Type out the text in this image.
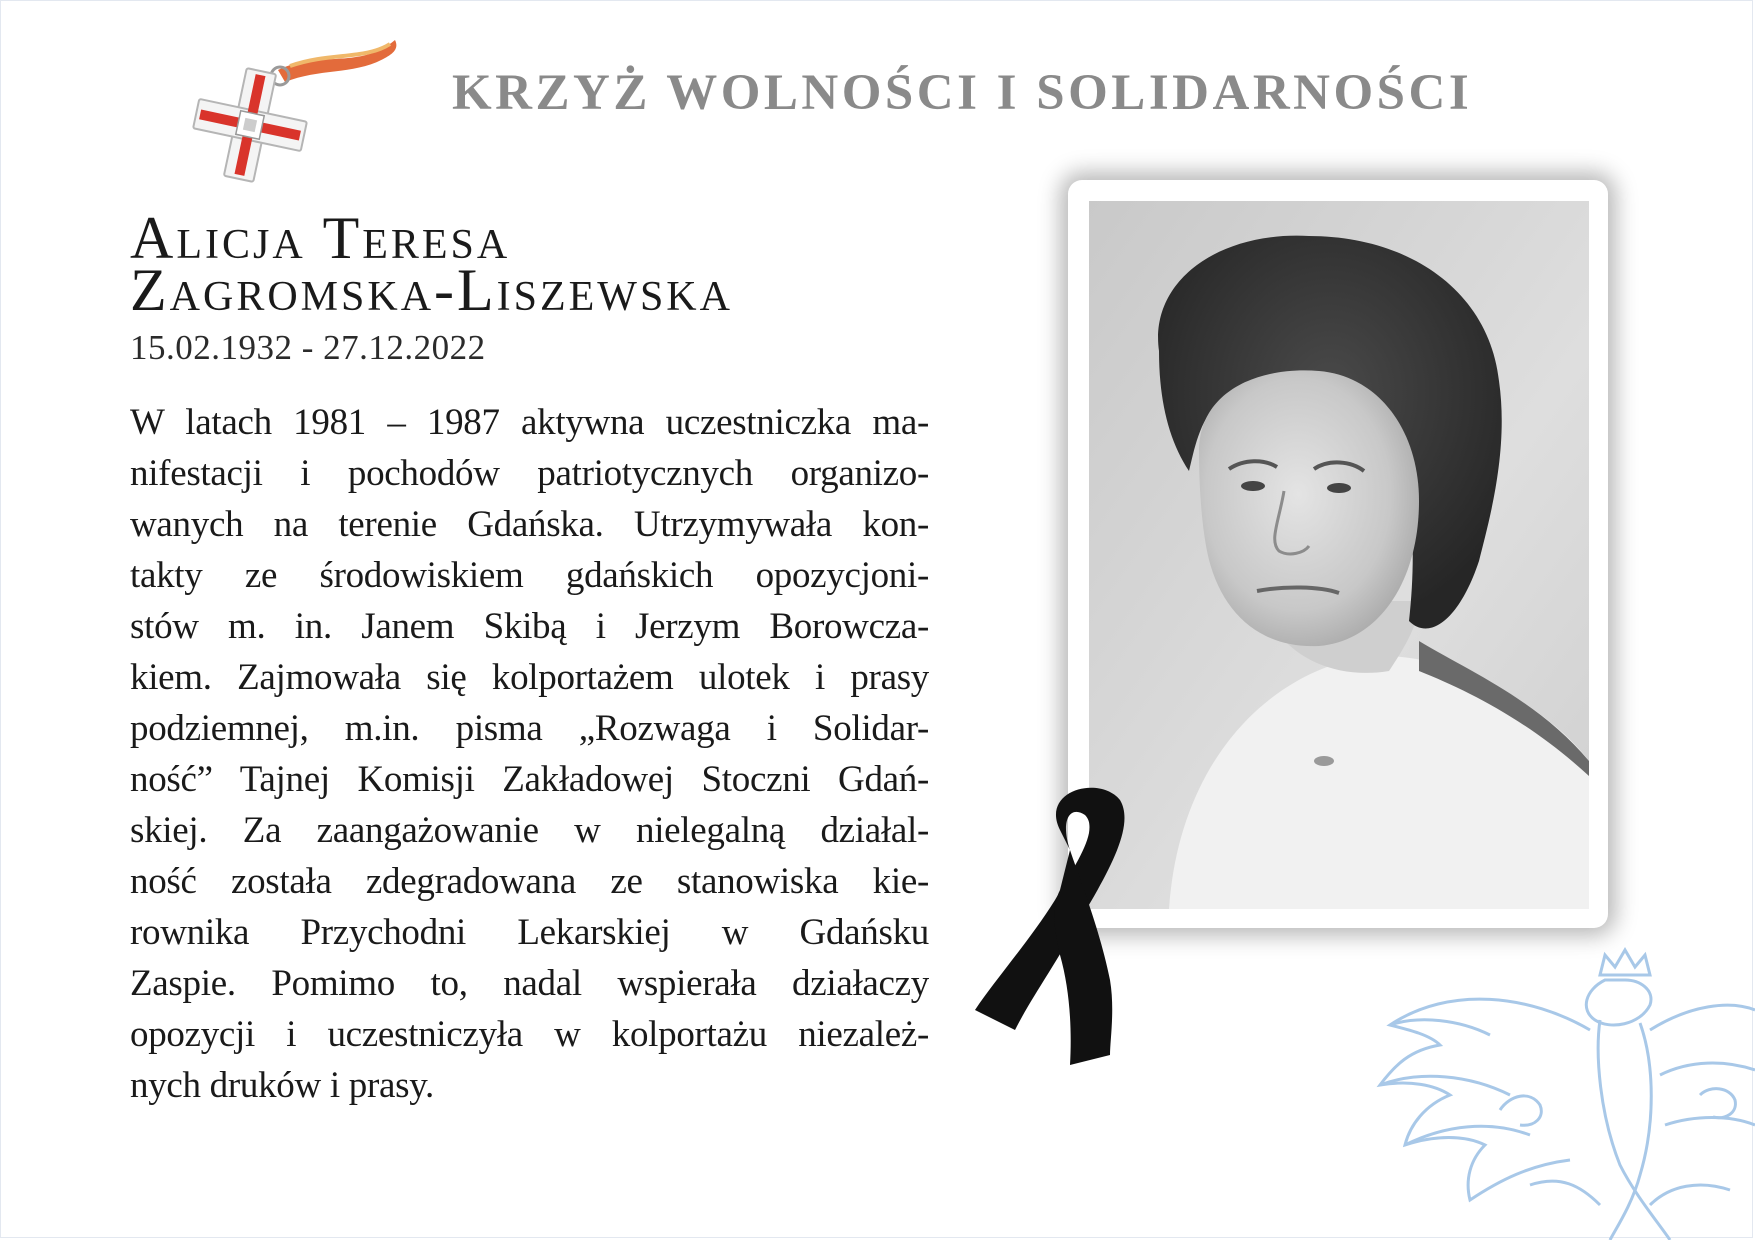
KRZYŻ WOLNOŚCI I SOLIDARNOŚCI
Alicja Teresa
Zagromska-Liszewska
15.02.1932 - 27.12.2022
W latach 1981 – 1987 aktywna uczestniczka ma-
nifestacji i pochodów patriotycznych organizo-
wanych na terenie Gdańska. Utrzymywała kon-
takty ze środowiskiem gdańskich opozycjoni-
stów m. in. Janem Skibą i Jerzym Borowcza-
kiem. Zajmowała się kolportażem ulotek i prasy
podziemnej, m.in. pisma „Rozwaga i Solidar-
ność” Tajnej Komisji Zakładowej Stoczni Gdań-
skiej. Za zaangażowanie w nielegalną działal-
ność została zdegradowana ze stanowiska kie-
rownika Przychodni Lekarskiej w Gdańsku
Zaspie. Pomimo to, nadal wspierała działaczy
opozycji i uczestniczyła w kolportażu niezależ-
nych druków i prasy.
